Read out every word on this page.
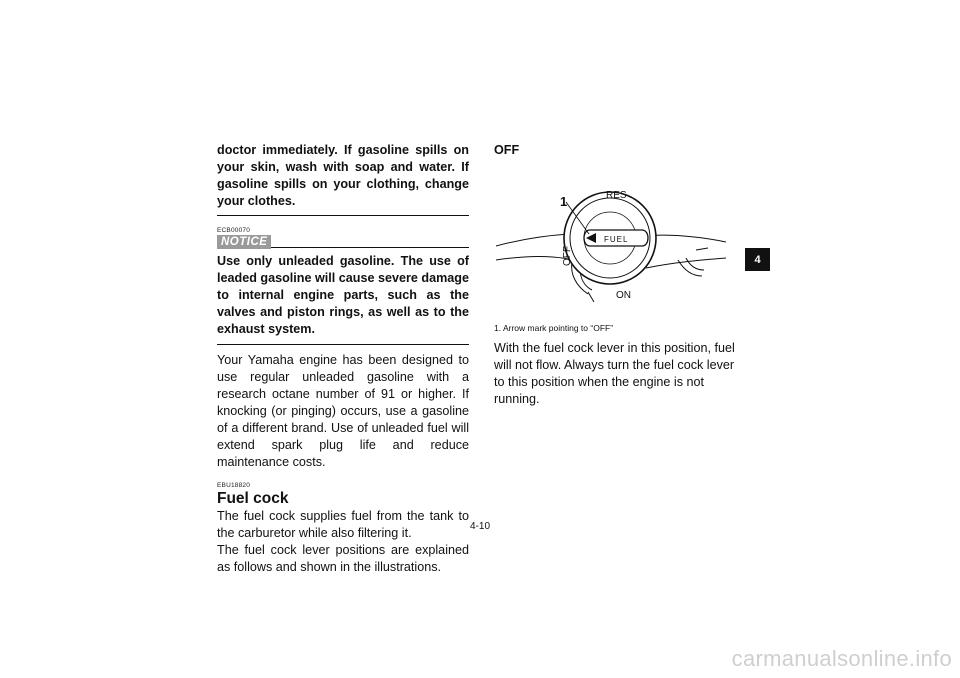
doctor immediately. If gasoline spills on your skin, wash with soap and water. If gasoline spills on your clothing, change your clothes.

ECB00070
NOTICE

Use only unleaded gasoline. The use of leaded gasoline will cause severe damage to internal engine parts, such as the valves and piston rings, as well as to the exhaust system.

Your Yamaha engine has been designed to use regular unleaded gasoline with a research octane number of 91 or higher. If knocking (or pinging) occurs, use a gasoline of a different brand. Use of unleaded fuel will extend spark plug life and reduce maintenance costs.

EBU18820

Fuel cock

The fuel cock supplies fuel from the tank to the carburetor while also filtering it.

The fuel cock lever positions are explained as follows and shown in the illustrations.

OFF

1	RES
OFF
ON
FUEL
1. Arrow mark pointing to “OFF”

With the fuel cock lever in this position, fuel will not flow. Always turn the fuel cock lever to this position when the engine is not running.

4
4-10
carmanualsonline.info
